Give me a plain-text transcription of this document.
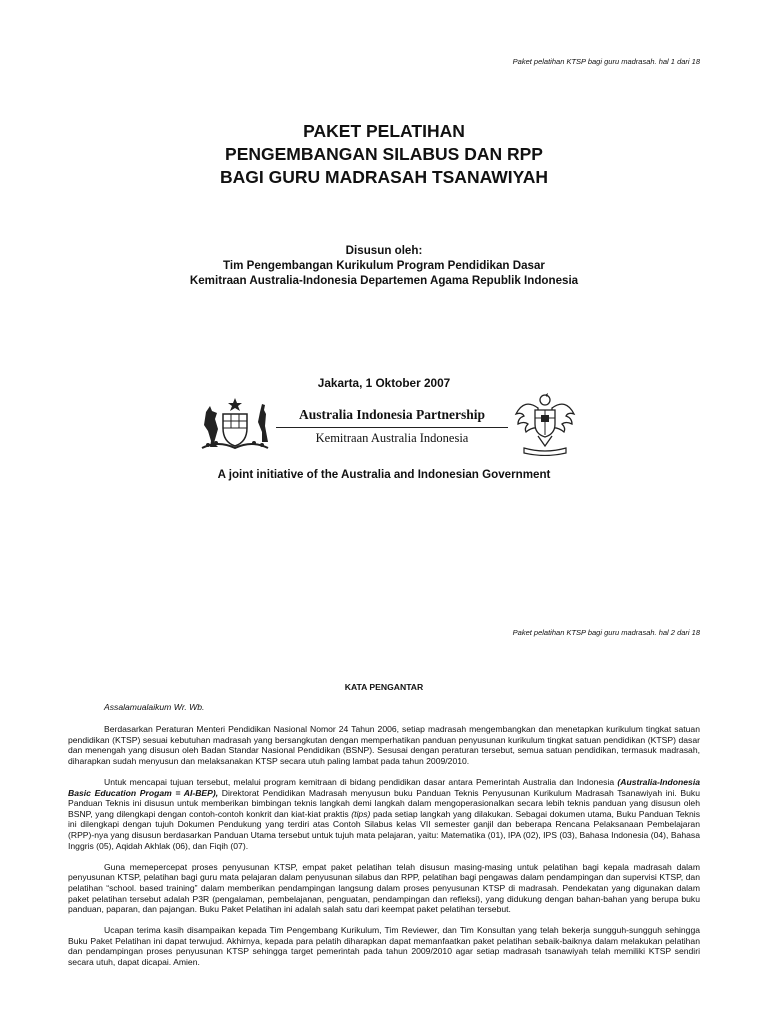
Paket pelatihan KTSP bagi guru madrasah. hal 1 dari 18
PAKET PELATIHAN
PENGEMBANGAN SILABUS DAN RPP
BAGI GURU MADRASAH TSANAWIYAH
Disusun oleh:
Tim Pengembangan Kurikulum Program Pendidikan Dasar
Kemitraan Australia-Indonesia Departemen Agama Republik Indonesia
Jakarta, 1 Oktober 2007
Australia Indonesia Partnership
Kemitraan Australia Indonesia
A joint initiative of the Australia and Indonesian Government
Paket pelatihan KTSP bagi guru madrasah. hal 2 dari 18
KATA PENGANTAR
Assalamualaikum Wr. Wb.

Berdasarkan Peraturan Menteri Pendidikan Nasional Nomor 24 Tahun 2006, setiap madrasah mengembangkan dan menetapkan kurikulum tingkat satuan pendidikan (KTSP) sesuai kebutuhan madrasah yang bersangkutan dengan memperhatikan panduan penyusunan kurikulum tingkat satuan pendidikan (KTSP) dasar dan menengah yang disusun oleh Badan Standar Nasional Pendidikan (BSNP). Sesusai dengan peraturan tersebut, semua satuan pendidikan, termasuk madrasah, diharapkan sudah menyusun dan melaksanakan KTSP secara utuh paling lambat pada tahun 2009/2010.

Untuk mencapai tujuan tersebut, melalui program kemitraan di bidang pendidikan dasar antara Pemerintah Australia dan Indonesia (Australia-Indonesia Basic Education Progam = AI-BEP), Direktorat Pendidikan Madrasah menyusun buku Panduan Teknis Penyusunan Kurikulum Madrasah Tsanawiyah ini. Buku Panduan Teknis ini disusun untuk memberikan bimbingan teknis langkah demi langkah dalam mengoperasionalkan secara lebih teknis panduan yang disusun oleh BSNP, yang dilengkapi dengan contoh-contoh konkrit dan kiat-kiat praktis (tips) pada setiap langkah yang dilakukan. Sebagai dokumen utama, Buku Panduan Teknis ini dilengkapi dengan tujuh Dokumen Pendukung yang terdiri atas Contoh Silabus kelas VII semester ganjil dan beberapa Rencana Pelaksanaan Pembelajaran (RPP)-nya yang disusun berdasarkan Panduan Utama tersebut untuk tujuh mata pelajaran, yaitu: Matematika (01), IPA (02), IPS (03), Bahasa Indonesia (04), Bahasa Inggris (05), Aqidah Akhlak (06), dan Fiqih (07).

Guna memepercepat proses penyusunan KTSP, empat paket pelatihan telah disusun masing-masing untuk pelatihan bagi kepala madrasah dalam penyusunan KTSP, pelatihan bagi guru mata pelajaran dalam penyusunan silabus dan RPP, pelatihan bagi pengawas dalam pendampingan dan supervisi KTSP, dan pelatihan “school. based training” dalam memberikan pendampingan langsung dalam proses penyusunan KTSP di madrasah. Pendekatan yang digunakan dalam paket pelatihan tersebut adalah P3R (pengalaman, pembelajanan, penguatan, pendampingan dan refleksi), yang didukung dengan bahan-bahan yang berupa buku panduan, paparan, dan pajangan. Buku Paket Pelatihan ini adalah salah satu dari keempat paket pelatihan tersebut.

Ucapan terima kasih disampaikan kepada Tim Pengembang Kurikulum, Tim Reviewer, dan Tim Konsultan yang telah bekerja sungguh-sungguh sehingga Buku Paket Pelatihan ini dapat terwujud. Akhirnya, kepada para pelatih diharapkan dapat memanfaatkan paket pelatihan sebaik-baiknya dalam melakukan pelatihan dan pendampingan proses penyusunan KTSP sehingga target pemerintah pada tahun 2009/2010 agar setiap madrasah tsanawiyah telah memiliki KTSP sendiri secara utuh, dapat dicapai. Amien.
